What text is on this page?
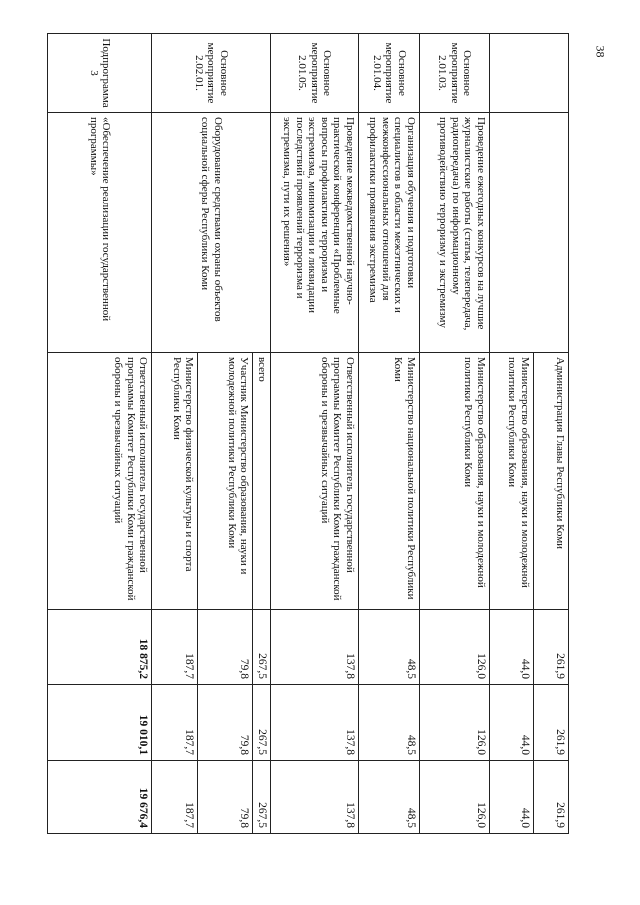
38
		Администрация Главы Республики Коми	261,9	261,9	261,9
		Министерство образования, науки и молодежной политики Республики Коми	44,0	44,0	44,0
Основное мероприятие 2.01.03.	Проведение ежегодных конкурсов на лучшие журналистские работы (статья, телепередача, радиопередача) по информационному противодействию терроризму и экстремизму	Министерство образования, науки и молодежной политики Республики Коми	126,0	126,0	126,0
Основное мероприятие 2.01.04.	Организация обучения и подготовки специалистов в области межэтнических и межконфессиональных отношений для профилактики проявления экстремизма	Министерство национальной политики Республики Коми	48,5	48,5	48,5
Основное мероприятие 2.01.05.	Проведение межведомственной научно-практической конференции «Проблемные вопросы профилактики терроризма и экстремизма, минимизации и ликвидации последствий проявлений терроризма и экстремизма, пути их решения»	Ответственный исполнитель государственной программы Комитет Республики Коми гражданской обороны и чрезвычайных ситуаций	137,8	137,8	137,8
Основное мероприятие 2.02.01.	Оборудование средствами охраны объектов социальной сферы Республики Коми	всего	267,5	267,5	267,5
		Участник Министерство образования, науки и молодежной политики Республики Коми	79,8	79,8	79,8
		Министерство физической культуры и спорта Республики Коми	187,7	187,7	187,7
Подпрограмма 3	«Обеспечение реализации государственной программы»	Ответственный исполнитель государственной программы Комитет Республики Коми гражданской обороны и чрезвычайных ситуаций	18 875,2	19 010,1	19 676,4
